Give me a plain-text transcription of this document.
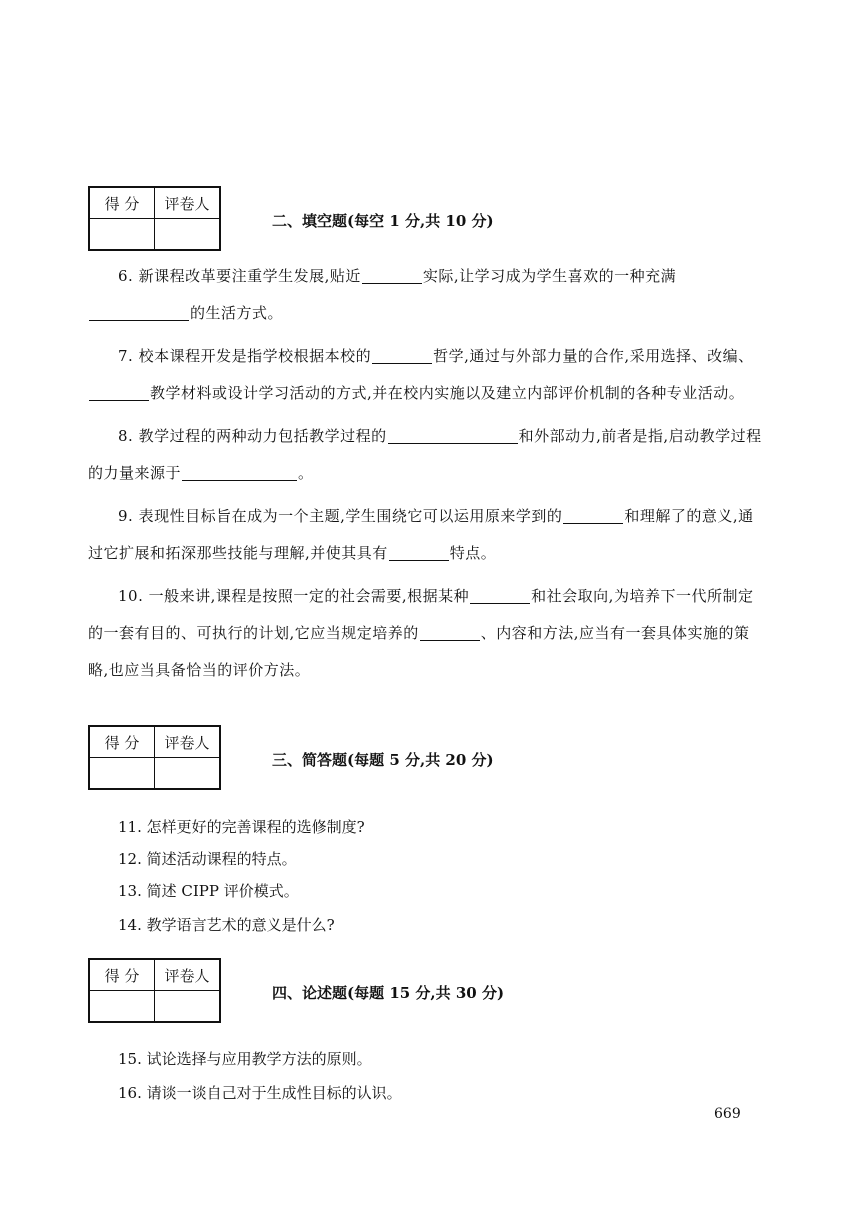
得 分	评卷人

二、填空题(每空 1 分,共 10 分)

6. 新课程改革要注重学生发展,贴近	实际,让学习成为学生喜欢的一种充满的生活方式。

7. 校本课程开发是指学校根据本校的	哲学,通过与外部力量的合作,采用选择、改编、教学材料或设计学习活动的方式,并在校内实施以及建立内部评价机制的各种专业活动。

8. 教学过程的两种动力包括教学过程的	和外部动力,前者是指,启动教学过程的力量来源于	。

9. 表现性目标旨在成为一个主题,学生围绕它可以运用原来学到的	和理解了的意义,通过它扩展和拓深那些技能与理解,并使其具有	特点。

10. 一般来讲,课程是按照一定的社会需要,根据某种	和社会取向,为培养下一代所制定的一套有目的、可执行的计划,它应当规定培养的	、内容和方法,应当有一套具体实施的策略,也应当具备恰当的评价方法。

得 分	评卷人

三、简答题(每题 5 分,共 20 分)
11. 怎样更好的完善课程的选修制度?
12. 简述活动课程的特点。
13. 简述 CIPP 评价模式。
14. 教学语言艺术的意义是什么?
得 分	评卷人

四、论述题(每题 15 分,共 30 分)
15. 试论选择与应用教学方法的原则。
16. 请谈一谈自己对于生成性目标的认识。
669
